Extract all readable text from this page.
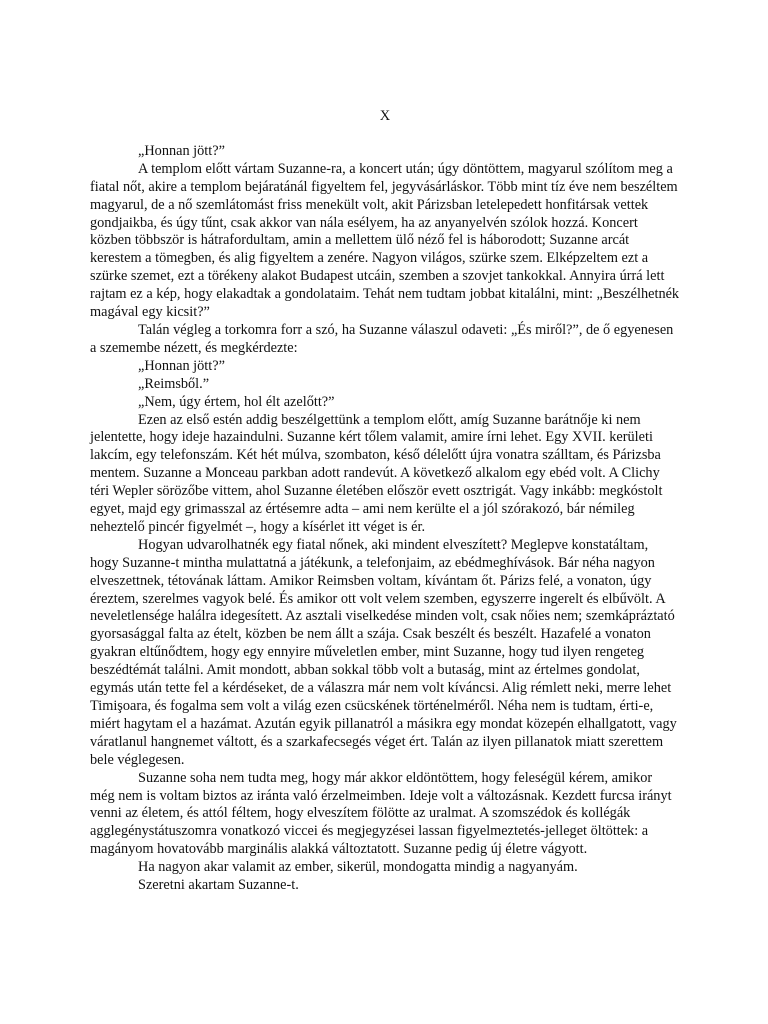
X

„Honnan jött?”

A templom előtt vártam Suzanne-ra, a koncert után; úgy döntöttem, magyarul szólítom meg a fiatal nőt, akire a templom bejáratánál figyeltem fel, jegyvásárláskor. Több mint tíz éve nem beszéltem magyarul, de a nő szemlátomást friss menekült volt, akit Párizsban letelepedett honfitársak vettek gondjaikba, és úgy tűnt, csak akkor van nála esélyem, ha az anyanyelvén szólok hozzá. Koncert közben többször is hátrafordultam, amin a mellettem ülő néző fel is háborodott; Suzanne arcát kerestem a tömegben, és alig figyeltem a zenére. Nagyon világos, szürke szem. Elképzeltem ezt a szürke szemet, ezt a törékeny alakot Budapest utcáin, szemben a szovjet tankokkal. Annyira úrrá lett rajtam ez a kép, hogy elakadtak a gondolataim. Tehát nem tudtam jobbat kitalálni, mint: „Beszélhetnék magával egy kicsit?”

Talán végleg a torkomra forr a szó, ha Suzanne válaszul odaveti: „És miről?”, de ő egyenesen a szemembe nézett, és megkérdezte:

„Honnan jött?”

„Reimsből.”

„Nem, úgy értem, hol élt azelőtt?”

Ezen az első estén addig beszélgettünk a templom előtt, amíg Suzanne barátnője ki nem jelentette, hogy ideje hazaindulni. Suzanne kért tőlem valamit, amire írni lehet. Egy XVII. kerületi lakcím, egy telefonszám. Két hét múlva, szombaton, késő délelőtt újra vonatra szálltam, és Párizsba mentem. Suzanne a Monceau parkban adott randevút. A következő alkalom egy ebéd volt. A Clichy téri Wepler sörözőbe vittem, ahol Suzanne életében először evett osztrigát. Vagy inkább: megkóstolt egyet, majd egy grimasszal az értésemre adta – ami nem kerülte el a jól szórakozó, bár némileg neheztelő pincér figyelmét –, hogy a kísérlet itt véget is ér.

Hogyan udvarolhatnék egy fiatal nőnek, aki mindent elveszített? Meglepve konstatáltam, hogy Suzanne-t mintha mulattatná a játékunk, a telefonjaim, az ebédmeghívások. Bár néha nagyon elveszettnek, tétovának láttam. Amikor Reimsben voltam, kívántam őt. Párizs felé, a vonaton, úgy éreztem, szerelmes vagyok belé. És amikor ott volt velem szemben, egyszerre ingerelt és elbűvölt. A neveletlensége halálra idegesített. Az asztali viselkedése minden volt, csak nőies nem; szemkápráztató gyorsasággal falta az ételt, közben be nem állt a szája. Csak beszélt és beszélt. Hazafelé a vonaton gyakran eltűnődtem, hogy egy ennyire műveletlen ember, mint Suzanne, hogy tud ilyen rengeteg beszédtémát találni. Amit mondott, abban sokkal több volt a butaság, mint az értelmes gondolat, egymás után tette fel a kérdéseket, de a válaszra már nem volt kíváncsi. Alig rémlett neki, merre lehet Timişoara, és fogalma sem volt a világ ezen csücskének történelméről. Néha nem is tudtam, érti-e, miért hagytam el a hazámat. Azután egyik pillanatról a másikra egy mondat közepén elhallgatott, vagy váratlanul hangnemet váltott, és a szarkafecsegés véget ért. Talán az ilyen pillanatok miatt szerettem bele véglegesen.

Suzanne soha nem tudta meg, hogy már akkor eldöntöttem, hogy feleségül kérem, amikor még nem is voltam biztos az iránta való érzelmeimben. Ideje volt a változásnak. Kezdett furcsa irányt venni az életem, és attól féltem, hogy elveszítem fölötte az uralmat. A szomszédok és kollégák agglegénystátuszomra vonatkozó viccei és megjegyzései lassan figyelmeztetés-jelleget öltöttek: a magányom hovatovább marginális alakká változtatott. Suzanne pedig új életre vágyott.

Ha nagyon akar valamit az ember, sikerül, mondogatta mindig a nagyanyám.

Szeretni akartam Suzanne-t.
